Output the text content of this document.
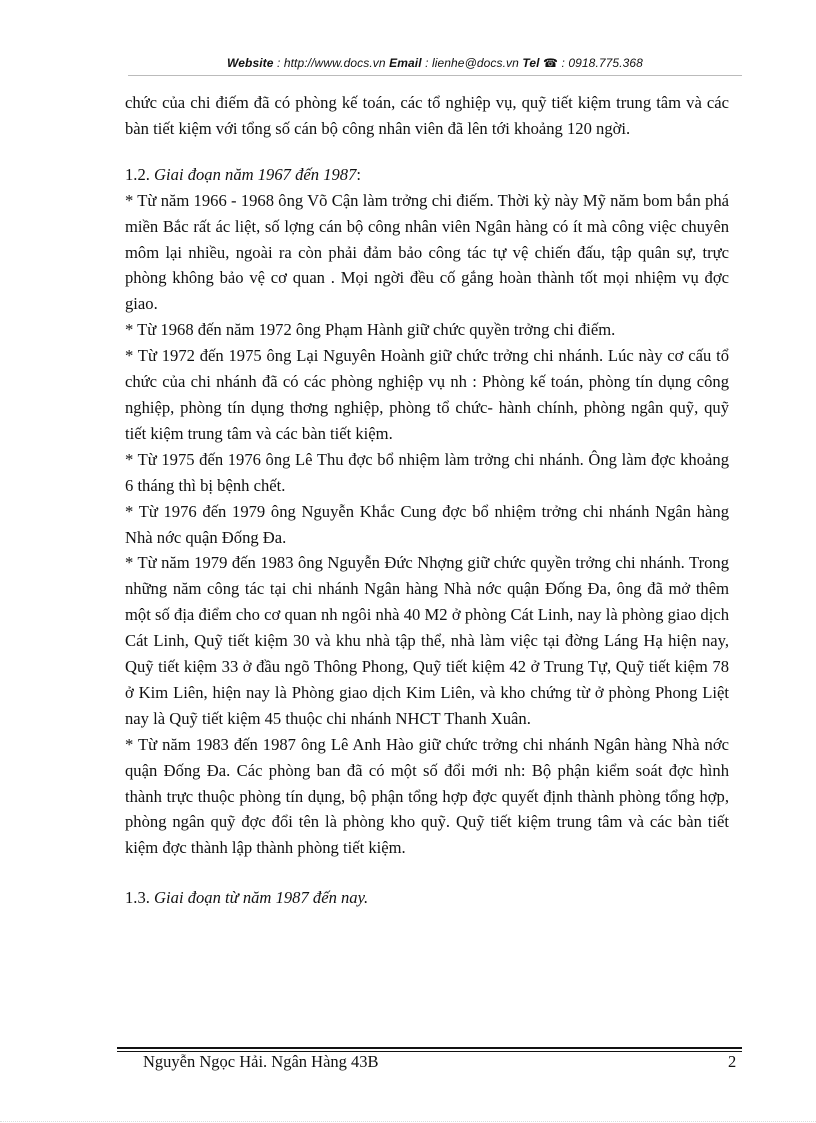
Website : http://www.docs.vn Email : lienhe@docs.vn Tel ☎ : 0918.775.368

chức của chi điếm đã có phòng kế toán, các tổ nghiệp vụ, quỹ tiết kiệm trung tâm và các bàn tiết kiệm với tổng số cán bộ công nhân viên đã lên tới khoảng 120 ngời.

1.2. Giai đoạn năm 1967 đến 1987:

* Từ năm 1966 - 1968 ông Võ Cận làm trởng chi điếm. Thời kỳ này Mỹ năm bom bắn phá miền Bắc rất ác liệt, số lợng cán bộ công nhân viên Ngân hàng có ít mà công việc chuyên môm lại nhiều, ngoài ra còn phải đảm bảo công tác tự vệ chiến đấu, tập quân sự, trực phòng không bảo vệ cơ quan . Mọi ngời đều cố gắng hoàn thành tốt mọi nhiệm vụ đợc giao.

* Từ 1968 đến năm 1972 ông Phạm Hành giữ chức quyền trởng chi điếm.

* Từ 1972 đến 1975 ông Lại Nguyên Hoành giữ chức trởng chi nhánh. Lúc này cơ cấu tổ chức của chi nhánh đã có các phòng nghiệp vụ nh : Phòng kế toán, phòng tín dụng công nghiệp, phòng tín dụng thơng nghiệp, phòng tổ chức- hành chính, phòng ngân quỹ, quỹ tiết kiệm trung tâm và các bàn tiết kiệm.

* Từ 1975 đến 1976 ông Lê Thu đợc bổ nhiệm làm trởng chi nhánh. Ông làm đợc khoảng 6 tháng thì bị bệnh chết.

* Từ 1976 đến 1979 ông Nguyễn Khắc Cung đợc bổ nhiệm trởng chi nhánh Ngân hàng Nhà nớc quận Đống Đa.

* Từ năm 1979 đến 1983 ông Nguyễn Đức Nhợng giữ chức quyền trởng chi nhánh. Trong những năm công tác tại chi nhánh Ngân hàng Nhà nớc quận Đống Đa, ông đã mở thêm một số địa điểm cho cơ quan nh ngôi nhà 40 M2 ở phòng Cát Linh, nay là phòng giao dịch Cát Linh, Quỹ tiết kiệm 30 và khu nhà tập thể, nhà làm việc tại đờng Láng Hạ hiện nay, Quỹ tiết kiệm 33 ở đầu ngõ Thông Phong, Quỹ tiết kiệm 42 ở Trung Tự, Quỹ tiết kiệm 78 ở Kim Liên, hiện nay là Phòng giao dịch Kim Liên, và kho chứng từ ở phòng Phong Liệt nay là Quỹ tiết kiệm 45 thuộc chi nhánh NHCT Thanh Xuân.

* Từ năm 1983 đến 1987 ông Lê Anh Hào giữ chức trởng chi nhánh Ngân hàng Nhà nớc quận Đống Đa. Các phòng ban đã có một số đổi mới nh: Bộ phận kiểm soát đợc hình thành trực thuộc phòng tín dụng, bộ phận tổng hợp đợc quyết định thành phòng tổng hợp, phòng ngân quỹ đợc đổi tên là phòng kho quỹ. Quỹ tiết kiệm trung tâm và các bàn tiết kiệm đợc thành lập thành phòng tiết kiệm.

1.3. Giai đoạn từ năm 1987 đến nay.

Nguyễn Ngọc Hải. Ngân Hàng 43B	2
